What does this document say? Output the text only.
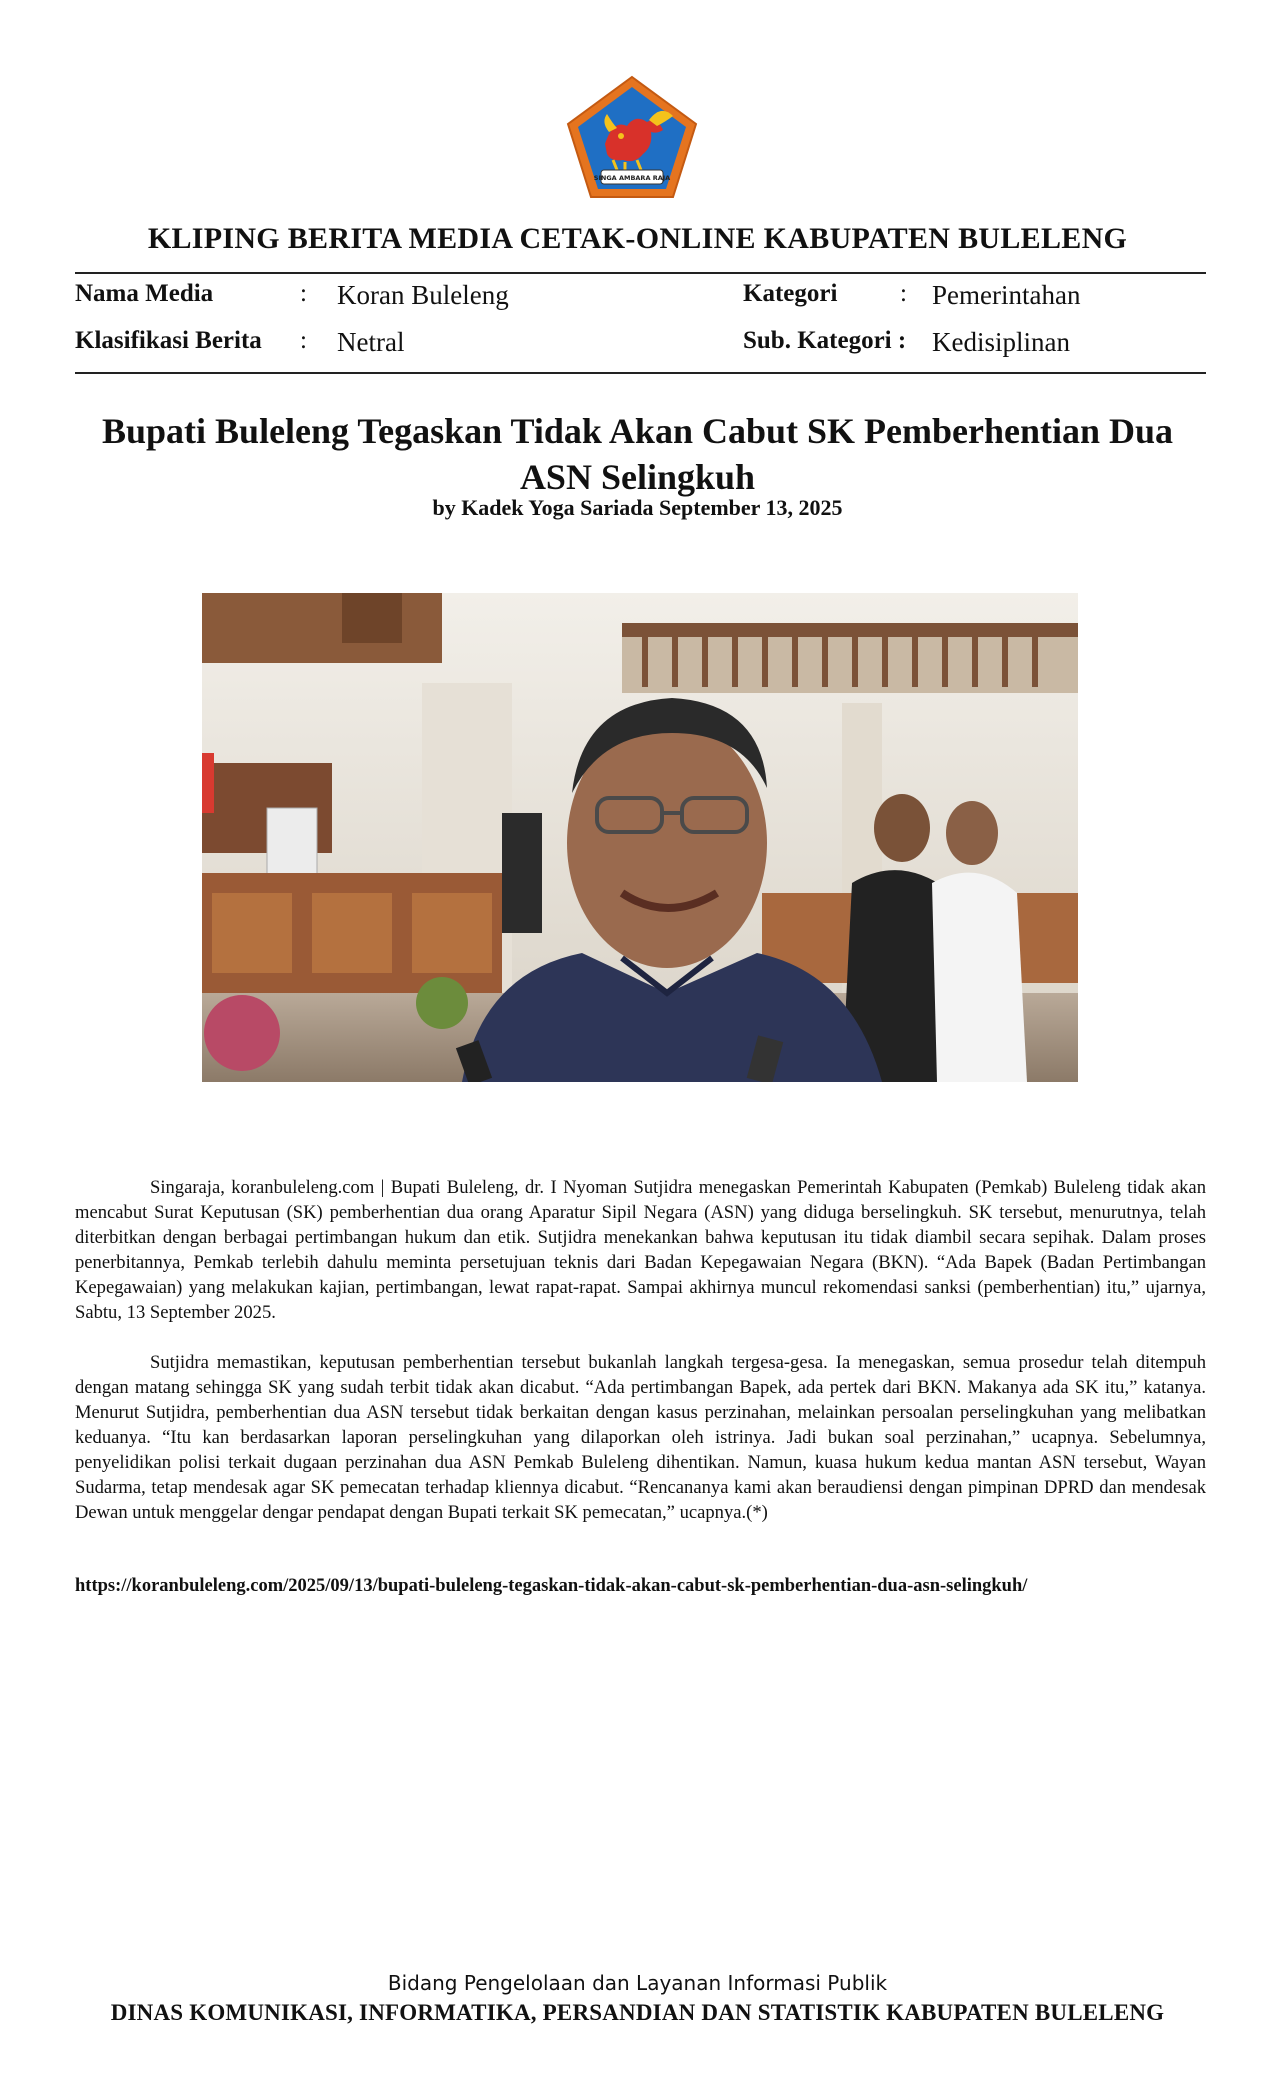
SINGA AMBARA RAJA
KLIPING BERITA MEDIA CETAK-ONLINE KABUPATEN BULELENG
Nama Media	: Koran Buleleng	Kategori	: Pemerintahan
Klasifikasi Berita : Netral	Sub. Kategori : Kedisiplinan
Bupati Buleleng Tegaskan Tidak Akan Cabut SK Pemberhentian Dua ASN Selingkuh
by Kadek Yoga Sariada September 13, 2025

Singaraja, koranbuleleng.com | Bupati Buleleng, dr. I Nyoman Sutjidra menegaskan Pemerintah Kabupaten (Pemkab) Buleleng tidak akan mencabut Surat Keputusan (SK) pemberhentian dua orang Aparatur Sipil Negara (ASN) yang diduga berselingkuh. SK tersebut, menurutnya, telah diterbitkan dengan berbagai pertimbangan hukum dan etik. Sutjidra menekankan bahwa keputusan itu tidak diambil secara sepihak. Dalam proses penerbitannya, Pemkab terlebih dahulu meminta persetujuan teknis dari Badan Kepegawaian Negara (BKN). “Ada Bapek (Badan Pertimbangan Kepegawaian) yang melakukan kajian, pertimbangan, lewat rapat-rapat. Sampai akhirnya muncul rekomendasi sanksi (pemberhentian) itu,” ujarnya, Sabtu, 13 September 2025.

Sutjidra memastikan, keputusan pemberhentian tersebut bukanlah langkah tergesa-gesa. Ia menegaskan, semua prosedur telah ditempuh dengan matang sehingga SK yang sudah terbit tidak akan dicabut. “Ada pertimbangan Bapek, ada pertek dari BKN. Makanya ada SK itu,” katanya. Menurut Sutjidra, pemberhentian dua ASN tersebut tidak berkaitan dengan kasus perzinahan, melainkan persoalan perselingkuhan yang melibatkan keduanya. “Itu kan berdasarkan laporan perselingkuhan yang dilaporkan oleh istrinya. Jadi bukan soal perzinahan,” ucapnya. Sebelumnya, penyelidikan polisi terkait dugaan perzinahan dua ASN Pemkab Buleleng dihentikan. Namun, kuasa hukum kedua mantan ASN tersebut, Wayan Sudarma, tetap mendesak agar SK pemecatan terhadap kliennya dicabut. “Rencananya kami akan beraudiensi dengan pimpinan DPRD dan mendesak Dewan untuk menggelar dengar pendapat dengan Bupati terkait SK pemecatan,” ucapnya.(*)

https://koranbuleleng.com/2025/09/13/bupati-buleleng-tegaskan-tidak-akan-cabut-sk-pemberhentian-dua-asn-selingkuh/
Bidang Pengelolaan dan Layanan Informasi Publik
DINAS KOMUNIKASI, INFORMATIKA, PERSANDIAN DAN STATISTIK KABUPATEN BULELENG
